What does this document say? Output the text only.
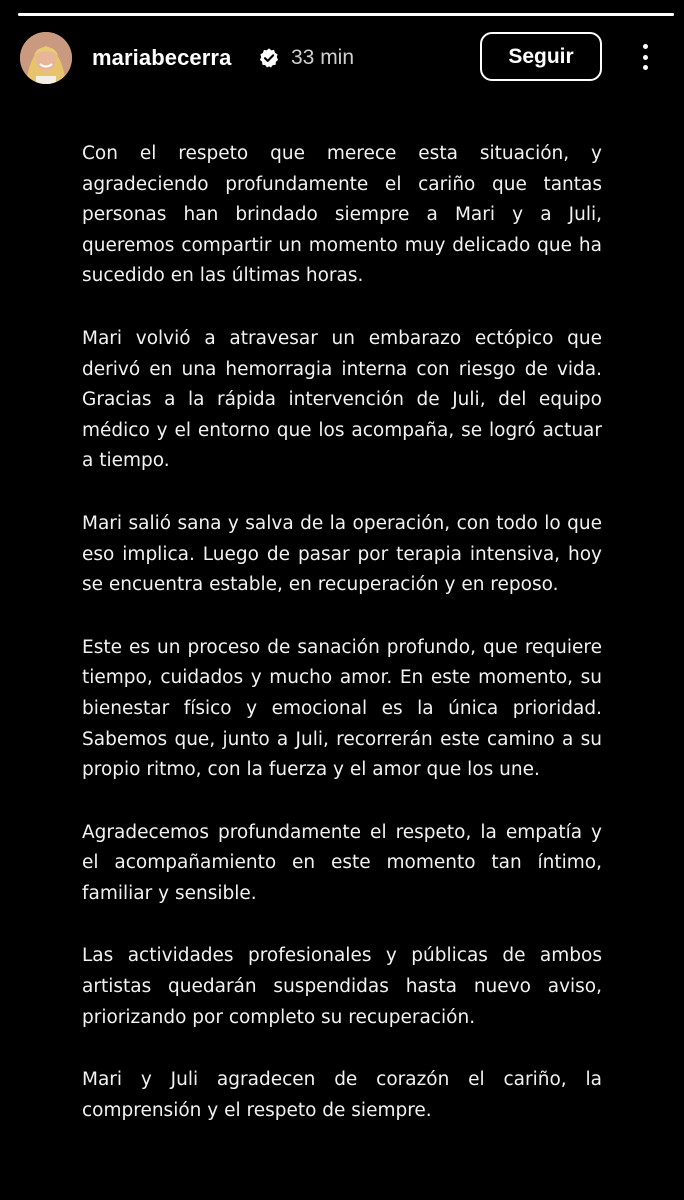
mariabecerra	33 min	Seguir

Con el respeto que merece esta situación, y agradeciendo profundamente el cariño que tantas personas han brindado siempre a Mari y a Juli, queremos compartir un momento muy delicado que ha sucedido en las últimas horas.

Mari volvió a atravesar un embarazo ectópico que derivó en una hemorragia interna con riesgo de vida. Gracias a la rápida intervención de Juli, del equipo médico y el entorno que los acompaña, se logró actuar a tiempo.

Mari salió sana y salva de la operación, con todo lo que eso implica. Luego de pasar por terapia intensiva, hoy se encuentra estable, en recuperación y en reposo.

Este es un proceso de sanación profundo, que requiere tiempo, cuidados y mucho amor. En este momento, su bienestar físico y emocional es la única prioridad. Sabemos que, junto a Juli, recorrerán este camino a su propio ritmo, con la fuerza y el amor que los une.

Agradecemos profundamente el respeto, la empatía y el acompañamiento en este momento tan íntimo, familiar y sensible.

Las actividades profesionales y públicas de ambos artistas quedarán suspendidas hasta nuevo aviso, priorizando por completo su recuperación.

Mari y Juli agradecen de corazón el cariño, la comprensión y el respeto de siempre.
